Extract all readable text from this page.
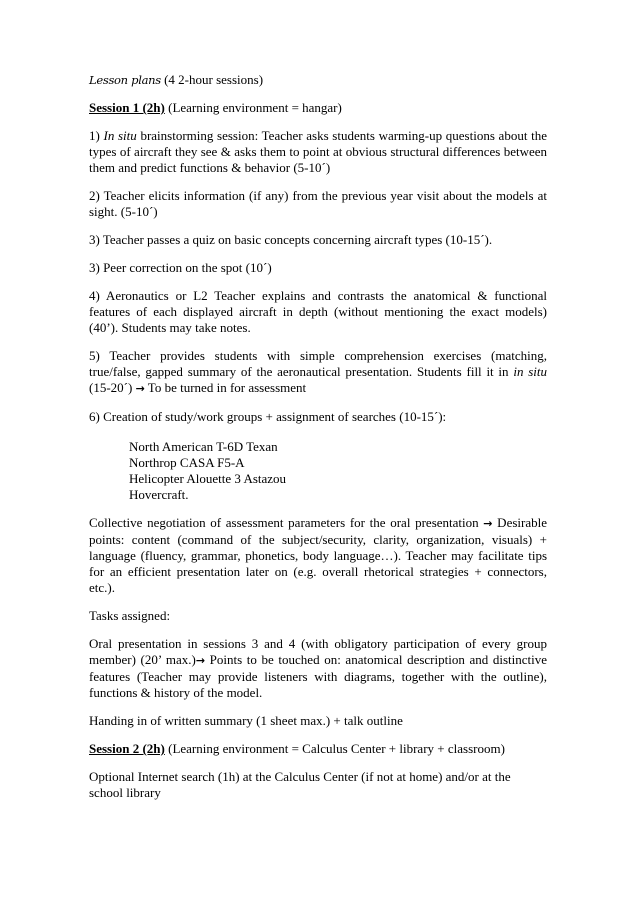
Lesson plans (4 2-hour sessions)

Session 1 (2h) (Learning environment = hangar)

1) In situ brainstorming session: Teacher asks students warming-up questions about the types of aircraft they see & asks them to point at obvious structural differences between them and predict functions & behavior (5-10´)

2) Teacher elicits information (if any) from the previous year visit about the models at sight. (5-10´)

3) Teacher passes a quiz on basic concepts concerning aircraft types (10-15´).

3) Peer correction on the spot (10´)

4) Aeronautics or L2 Teacher explains and contrasts the anatomical & functional features of each displayed aircraft in depth (without mentioning the exact models) (40’). Students may take notes.

5) Teacher provides students with simple comprehension exercises (matching, true/false, gapped summary of the aeronautical presentation. Students fill it in in situ (15-20´) → To be turned in for assessment

6) Creation of study/work groups + assignment of searches (10-15´):

North American T-6D Texan
Northrop CASA F5-A
Helicopter Alouette 3 Astazou
Hovercraft.

Collective negotiation of assessment parameters for the oral presentation → Desirable points: content (command of the subject/security, clarity, organization, visuals) + language (fluency, grammar, phonetics, body language…). Teacher may facilitate tips for an efficient presentation later on (e.g. overall rhetorical strategies + connectors, etc.).

Tasks assigned:

Oral presentation in sessions 3 and 4 (with obligatory participation of every group member) (20’ max.)→ Points to be touched on: anatomical description and distinctive features (Teacher may provide listeners with diagrams, together with the outline), functions & history of the model.

Handing in of written summary (1 sheet max.) + talk outline

Session 2 (2h) (Learning environment = Calculus Center + library + classroom)

Optional Internet search (1h) at the Calculus Center (if not at home) and/or at the school library
